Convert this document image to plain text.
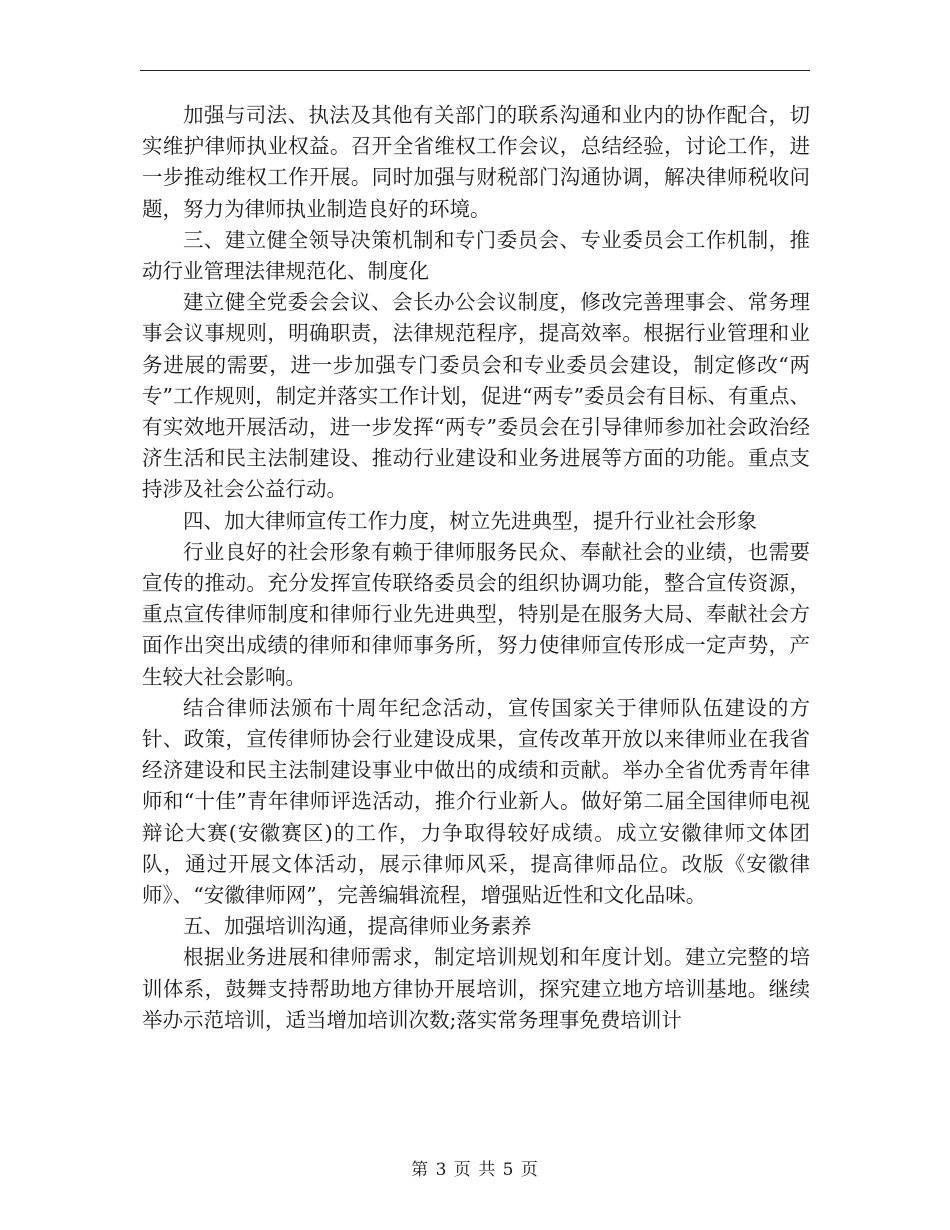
加强与司法、执法及其他有关部门的联系沟通和业内的协作配合，切实维护律师执业权益。召开全省维权工作会议，总结经验，讨论工作，进一步推动维权工作开展。同时加强与财税部门沟通协调，解决律师税收问题，努力为律师执业制造良好的环境。

三、建立健全领导决策机制和专门委员会、专业委员会工作机制，推动行业管理法律规范化、制度化

建立健全党委会会议、会长办公会议制度，修改完善理事会、常务理事会议事规则，明确职责，法律规范程序，提高效率。根据行业管理和业务进展的需要，进一步加强专门委员会和专业委员会建设，制定修改“两专”工作规则，制定并落实工作计划，促进“两专”委员会有目标、有重点、有实效地开展活动，进一步发挥“两专”委员会在引导律师参加社会政治经济生活和民主法制建设、推动行业建设和业务进展等方面的功能。重点支持涉及社会公益行动。

四、加大律师宣传工作力度，树立先进典型，提升行业社会形象

行业良好的社会形象有赖于律师服务民众、奉献社会的业绩，也需要宣传的推动。充分发挥宣传联络委员会的组织协调功能，整合宣传资源，重点宣传律师制度和律师行业先进典型，特别是在服务大局、奉献社会方面作出突出成绩的律师和律师事务所，努力使律师宣传形成一定声势，产生较大社会影响。

结合律师法颁布十周年纪念活动，宣传国家关于律师队伍建设的方针、政策，宣传律师协会行业建设成果，宣传改革开放以来律师业在我省经济建设和民主法制建设事业中做出的成绩和贡献。举办全省优秀青年律师和“十佳”青年律师评选活动，推介行业新人。做好第二届全国律师电视辩论大赛(安徽赛区)的工作，力争取得较好成绩。成立安徽律师文体团队，通过开展文体活动，展示律师风采，提高律师品位。改版《安徽律师》、“安徽律师网”，完善编辑流程，增强贴近性和文化品味。

五、加强培训沟通，提高律师业务素养

根据业务进展和律师需求，制定培训规划和年度计划。建立完整的培训体系，鼓舞支持帮助地方律协开展培训，探究建立地方培训基地。继续举办示范培训，适当增加培训次数;落实常务理事免费培训计

第 3 页 共 5 页
